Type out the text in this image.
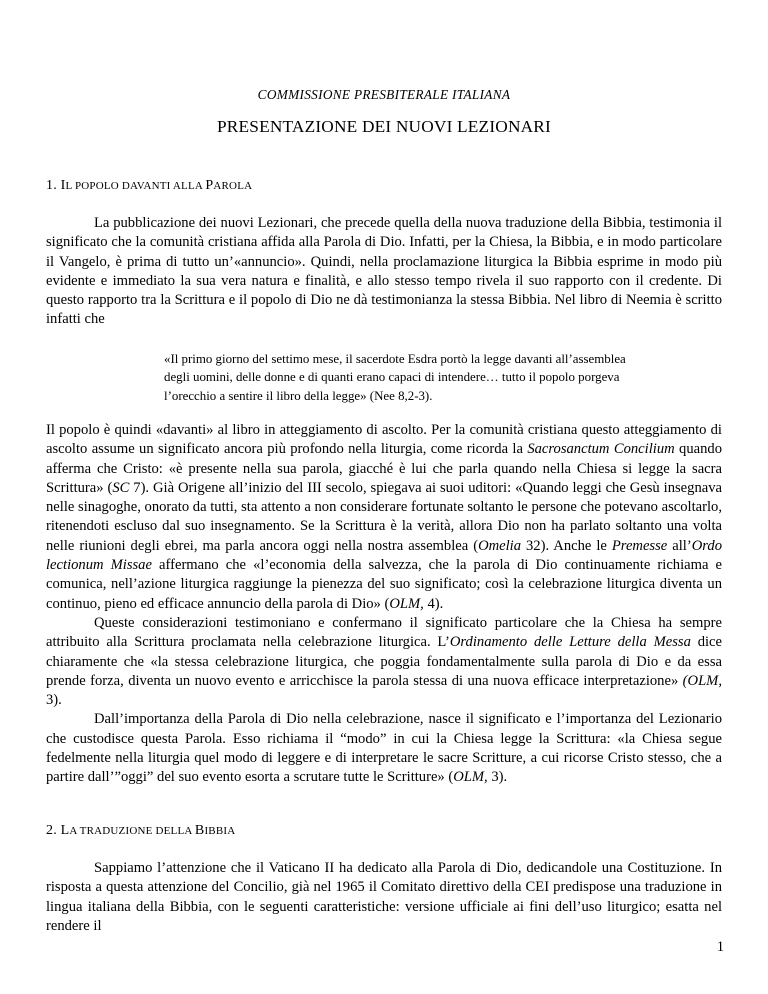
COMMISSIONE PRESBITERALE ITALIANA
PRESENTAZIONE DEI NUOVI LEZIONARI

1. IL POPOLO DAVANTI ALLA PAROLA

La pubblicazione dei nuovi Lezionari, che precede quella della nuova traduzione della Bibbia, testimonia il significato che la comunità cristiana affida alla Parola di Dio. Infatti, per la Chiesa, la Bibbia, e in modo particolare il Vangelo, è prima di tutto un’«annuncio». Quindi, nella proclamazione liturgica la Bibbia esprime in modo più evidente e immediato la sua vera natura e finalità, e allo stesso tempo rivela il suo rapporto con il credente. Di questo rapporto tra la Scrittura e il popolo di Dio ne dà testimonianza la stessa Bibbia. Nel libro di Neemia è scritto infatti che

«Il primo giorno del settimo mese, il sacerdote Esdra portò la legge davanti all’assemblea degli uomini, delle donne e di quanti erano capaci di intendere… tutto il popolo porgeva l’orecchio a sentire il libro della legge» (Nee 8,2-3).

Il popolo è quindi «davanti» al libro in atteggiamento di ascolto. Per la comunità cristiana questo atteggiamento di ascolto assume un significato ancora più profondo nella liturgia, come ricorda la Sacrosanctum Concilium quando afferma che Cristo: «è presente nella sua parola, giacché è lui che parla quando nella Chiesa si legge la sacra Scrittura» (SC 7). Già Origene all’inizio del III secolo, spiegava ai suoi uditori: «Quando leggi che Gesù insegnava nelle sinagoghe, onorato da tutti, sta attento a non considerare fortunate soltanto le persone che potevano ascoltarlo, ritenendoti escluso dal suo insegnamento. Se la Scrittura è la verità, allora Dio non ha parlato soltanto una volta nelle riunioni degli ebrei, ma parla ancora oggi nella nostra assemblea (Omelia 32). Anche le Premesse all’Ordo lectionum Missae affermano che «l’economia della salvezza, che la parola di Dio continuamente richiama e comunica, nell’azione liturgica raggiunge la pienezza del suo significato; così la celebrazione liturgica diventa un continuo, pieno ed efficace annuncio della parola di Dio» (OLM, 4).

Queste considerazioni testimoniano e confermano il significato particolare che la Chiesa ha sempre attribuito alla Scrittura proclamata nella celebrazione liturgica. L’Ordinamento delle Letture della Messa dice chiaramente che «la stessa celebrazione liturgica, che poggia fondamentalmente sulla parola di Dio e da essa prende forza, diventa un nuovo evento e arricchisce la parola stessa di una nuova efficace interpretazione» (OLM, 3).

Dall’importanza della Parola di Dio nella celebrazione, nasce il significato e l’importanza del Lezionario che custodisce questa Parola. Esso richiama il “modo” in cui la Chiesa legge la Scrittura: «la Chiesa segue fedelmente nella liturgia quel modo di leggere e di interpretare le sacre Scritture, a cui ricorse Cristo stesso, che a partire dall’”oggi” del suo evento esorta a scrutare tutte le Scritture» (OLM, 3).

2. LA TRADUZIONE DELLA BIBBIA

Sappiamo l’attenzione che il Vaticano II ha dedicato alla Parola di Dio, dedicandole una Costituzione. In risposta a questa attenzione del Concilio, già nel 1965 il Comitato direttivo della CEI predispose una traduzione in lingua italiana della Bibbia, con le seguenti caratteristiche: versione ufficiale ai fini dell’uso liturgico; esatta nel rendere il

1
